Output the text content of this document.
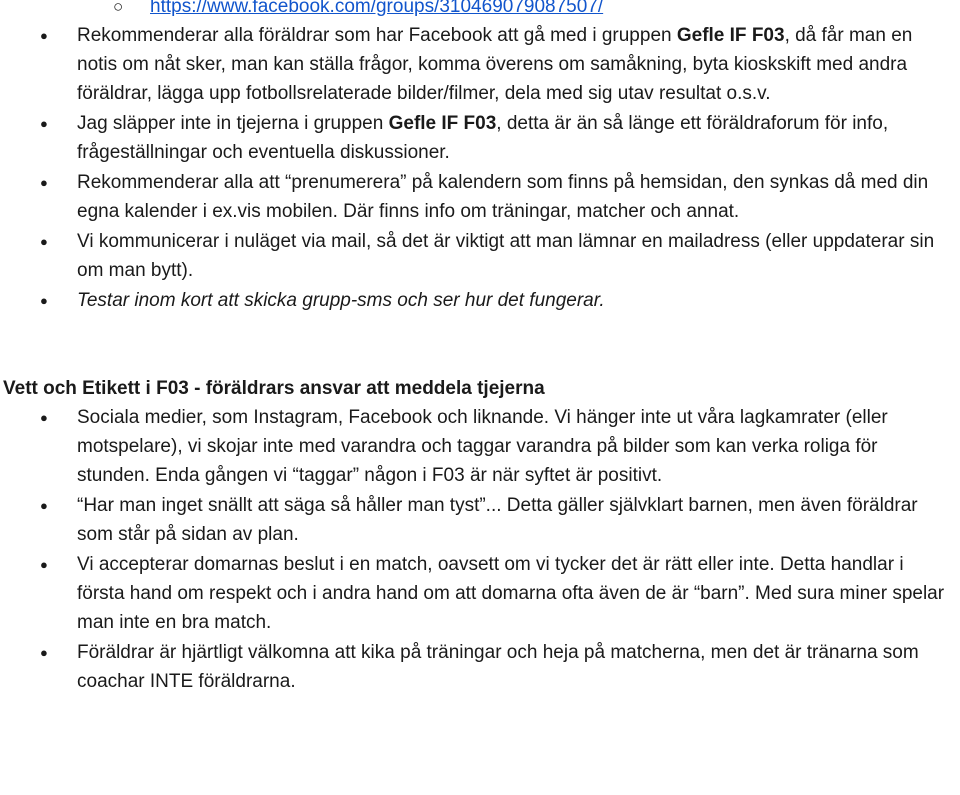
○ https://www.facebook.com/groups/310469079087507/
● Rekommenderar alla föräldrar som har Facebook att gå med i gruppen Gefle IF F03, då får man en notis om nåt sker, man kan ställa frågor, komma överens om samåkning, byta kioskskift med andra föräldrar, lägga upp fotbollsrelaterade bilder/filmer, dela med sig utav resultat o.s.v.
● Jag släpper inte in tjejerna i gruppen Gefle IF F03, detta är än så länge ett föräldraforum för info, frågeställningar och eventuella diskussioner.
● Rekommenderar alla att “prenumerera” på kalendern som finns på hemsidan, den synkas då med din egna kalender i ex.vis mobilen. Där finns info om träningar, matcher och annat.
● Vi kommunicerar i nuläget via mail, så det är viktigt att man lämnar en mailadress (eller uppdaterar sin om man bytt).
● Testar inom kort att skicka grupp-sms och ser hur det fungerar.

Vett och Etikett i F03 - föräldrars ansvar att meddela tjejerna

● Sociala medier, som Instagram, Facebook och liknande. Vi hänger inte ut våra lagkamrater (eller motspelare), vi skojar inte med varandra och taggar varandra på bilder som kan verka roliga för stunden. Enda gången vi “taggar” någon i F03 är när syftet är positivt.
● “Har man inget snällt att säga så håller man tyst”... Detta gäller självklart barnen, men även föräldrar som står på sidan av plan.
● Vi accepterar domarnas beslut i en match, oavsett om vi tycker det är rätt eller inte. Detta handlar i första hand om respekt och i andra hand om att domarna ofta även de är “barn”. Med sura miner spelar man inte en bra match.
● Föräldrar är hjärtligt välkomna att kika på träningar och heja på matcherna, men det är tränarna som coachar INTE föräldrarna.
